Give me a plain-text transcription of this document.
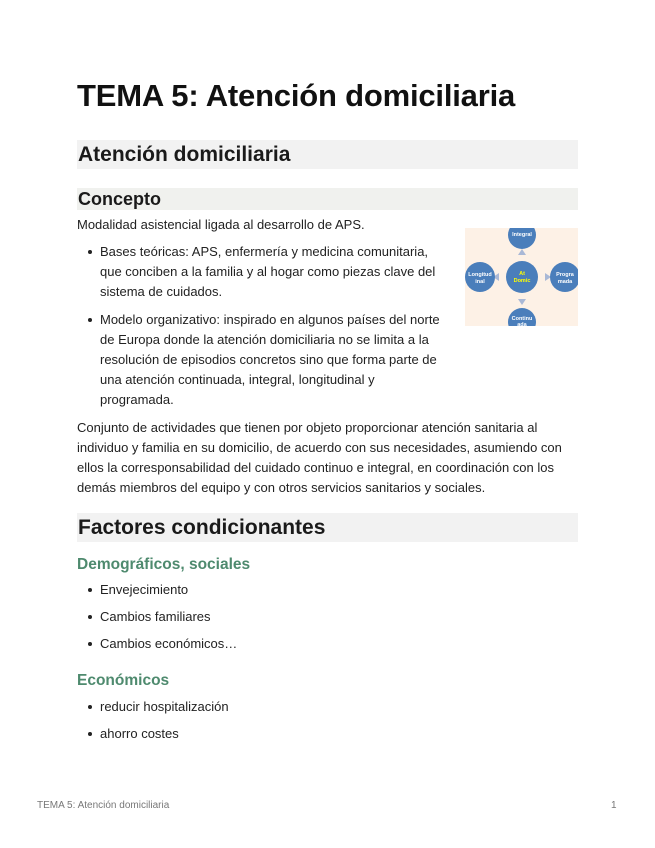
TEMA 5: Atención domiciliaria
Atención domiciliaria
Concepto
Modalidad asistencial ligada al desarrollo de APS.
Bases teóricas: APS, enfermería y medicina comunitaria, que conciben a la familia y al hogar como piezas clave del sistema de cuidados.
Modelo organizativo: inspirado en algunos países del norte de Europa donde la atención domiciliaria no se limita a la resolución de episodios concretos sino que forma parte de una atención continuada, integral, longitudinal y programada.
At
Domic
Integral
Longitud
inal
Progra
mada
Continu
ada
Conjunto de actividades que tienen por objeto proporcionar atención sanitaria al individuo y familia en su domicilio, de acuerdo con sus necesidades, asumiendo con ellos la corresponsabilidad del cuidado continuo e integral, en coordinación con los demás miembros del equipo y con otros servicios sanitarios y sociales.
Factores condicionantes
Demográficos, sociales
Envejecimiento
Cambios familiares
Cambios económicos…
Económicos
reducir hospitalización
ahorro costes
TEMA 5: Atención domiciliaria	1
